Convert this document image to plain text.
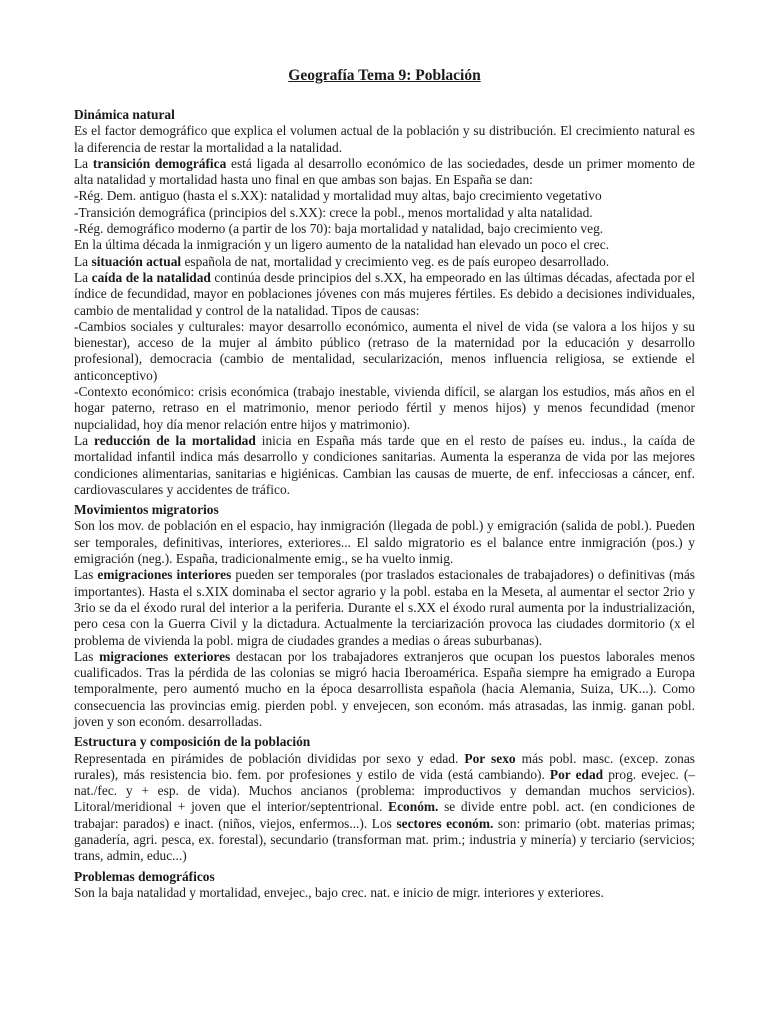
Geografía Tema 9: Población
Dinámica natural
Es el factor demográfico que explica el volumen actual de la población y su distribución. El crecimiento natural es la diferencia de restar la mortalidad a la natalidad.
La transición demográfica está ligada al desarrollo económico de las sociedades, desde un primer momento de alta natalidad y mortalidad hasta uno final en que ambas son bajas. En España se dan:
-Rég. Dem. antiguo (hasta el s.XX): natalidad y mortalidad muy altas, bajo crecimiento vegetativo
-Transición demográfica (principios del s.XX): crece la pobl., menos mortalidad y alta natalidad.
-Rég. demográfico moderno (a partir de los 70): baja mortalidad y natalidad, bajo crecimiento veg.
En la última década la inmigración y un ligero aumento de la natalidad han elevado un poco el crec.
La situación actual española de nat, mortalidad y crecimiento veg. es de país europeo desarrollado.
La caída de la natalidad continúa desde principios del s.XX, ha empeorado en las últimas décadas, afectada por el índice de fecundidad, mayor en poblaciones jóvenes con más mujeres fértiles. Es debido a decisiones individuales, cambio de mentalidad y control de la natalidad. Tipos de causas:
-Cambios sociales y culturales: mayor desarrollo económico, aumenta el nivel de vida (se valora a los hijos y su bienestar), acceso de la mujer al ámbito público (retraso de la maternidad por la educación y desarrollo profesional), democracia (cambio de mentalidad, secularización, menos influencia religiosa, se extiende el anticonceptivo)
-Contexto económico: crisis económica (trabajo inestable, vivienda difícil, se alargan los estudios, más años en el hogar paterno, retraso en el matrimonio, menor periodo fértil y menos hijos) y menos fecundidad (menor nupcialidad, hoy día menor relación entre hijos y matrimonio).
La reducción de la mortalidad inicia en España más tarde que en el resto de países eu. indus., la caída de mortalidad infantil indica más desarrollo y condiciones sanitarias. Aumenta la esperanza de vida por las mejores condiciones alimentarias, sanitarias e higiénicas. Cambian las causas de muerte, de enf. infecciosas a cáncer, enf. cardiovasculares y accidentes de tráfico.
Movimientos migratorios
Son los mov. de población en el espacio, hay inmigración (llegada de pobl.) y emigración (salida de pobl.). Pueden ser temporales, definitivas, interiores, exteriores... El saldo migratorio es el balance entre inmigración (pos.) y emigración (neg.). España, tradicionalmente emig., se ha vuelto inmig.
Las emigraciones interiores pueden ser temporales (por traslados estacionales de trabajadores) o definitivas (más importantes). Hasta el s.XIX dominaba el sector agrario y la pobl. estaba en la Meseta, al aumentar el sector 2rio y 3rio se da el éxodo rural del interior a la periferia. Durante el s.XX el éxodo rural aumenta por la industrialización, pero cesa con la Guerra Civil y la dictadura. Actualmente la terciarización provoca las ciudades dormitorio (x el problema de vivienda la pobl. migra de ciudades grandes a medias o áreas suburbanas).
Las migraciones exteriores destacan por los trabajadores extranjeros que ocupan los puestos laborales menos cualificados. Tras la pérdida de las colonias se migró hacia Iberoamérica. España siempre ha emigrado a Europa temporalmente, pero aumentó mucho en la época desarrollista española (hacia Alemania, Suiza, UK...). Como consecuencia las provincias emig. pierden pobl. y envejecen, son económ. más atrasadas, las inmig. ganan pobl. joven y son económ. desarrolladas.
Estructura y composición de la población
Representada en pirámides de población divididas por sexo y edad. Por sexo más pobl. masc. (excep. zonas rurales), más resistencia bio. fem. por profesiones y estilo de vida (está cambiando). Por edad prog. evejec. (– nat./fec. y + esp. de vida). Muchos ancianos (problema: improductivos y demandan muchos servicios). Litoral/meridional + joven que el interior/septentrional. Económ. se divide entre pobl. act. (en condiciones de trabajar: parados) e inact. (niños, viejos, enfermos...). Los sectores económ. son: primario (obt. materias primas; ganadería, agri. pesca, ex. forestal), secundario (transforman mat. prim.; industria y minería) y terciario (servicios; trans, admin, educ...)
Problemas demográficos
Son la baja natalidad y mortalidad, envejec., bajo crec. nat. e inicio de migr. interiores y exteriores.
